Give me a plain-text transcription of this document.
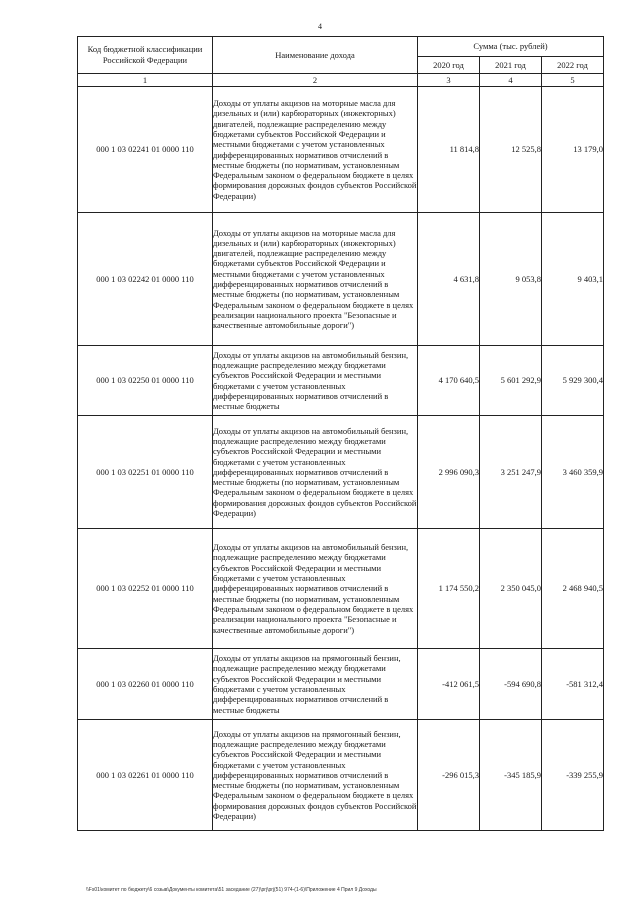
4
Код бюджетной классификации Российской Федерации	Наименование дохода	Сумма (тыс. рублей)		
		2020 год	2021 год	2022 год
1	2	3	4	5
000 1 03 02241 01 0000 110	Доходы от уплаты акцизов на моторные масла для дизельных и (или) карбюраторных (инжекторных) двигателей, подлежащие распределению между бюджетами субъектов Российской Федерации и местными бюджетами с учетом установленных дифференцированных нормативов отчислений в местные бюджеты (по нормативам, установленным Федеральным законом о федеральном бюджете в целях формирования дорожных фондов субъектов Российской Федерации)	11 814,8	12 525,8	13 179,0
000 1 03 02242 01 0000 110	Доходы от уплаты акцизов на моторные масла для дизельных и (или) карбюраторных (инжекторных) двигателей, подлежащие распределению между бюджетами субъектов Российской Федерации и местными бюджетами с учетом установленных дифференцированных нормативов отчислений в местные бюджеты (по нормативам, установленным Федеральным законом о федеральном бюджете в целях реализации национального проекта "Безопасные и качественные автомобильные дороги")	4 631,8	9 053,8	9 403,1
000 1 03 02250 01 0000 110	Доходы от уплаты акцизов на автомобильный бензин, подлежащие распределению между бюджетами субъектов Российской Федерации и местными бюджетами с учетом установленных дифференцированных нормативов отчислений в местные бюджеты	4 170 640,5	5 601 292,9	5 929 300,4
000 1 03 02251 01 0000 110	Доходы от уплаты акцизов на автомобильный бензин, подлежащие распределению между бюджетами субъектов Российской Федерации и местными бюджетами с учетом установленных дифференцированных нормативов отчислений в местные бюджеты (по нормативам, установленным Федеральным законом о федеральном бюджете в целях формирования дорожных фондов субъектов Российской Федерации)	2 996 090,3	3 251 247,9	3 460 359,9
000 1 03 02252 01 0000 110	Доходы от уплаты акцизов на автомобильный бензин, подлежащие распределению между бюджетами субъектов Российской Федерации и местными бюджетами с учетом установленных дифференцированных нормативов отчислений в местные бюджеты (по нормативам, установленным Федеральным законом о федеральном бюджете в целях реализации национального проекта "Безопасные и качественные автомобильные дороги")	1 174 550,2	2 350 045,0	2 468 940,5
000 1 03 02260 01 0000 110	Доходы от уплаты акцизов на прямогонный бензин, подлежащие распределению между бюджетами субъектов Российской Федерации и местными бюджетами с учетом установленных дифференцированных нормативов отчислений в местные бюджеты	-412 061,5	-594 690,8	-581 312,4
000 1 03 02261 01 0000 110	Доходы от уплаты акцизов на прямогонный бензин, подлежащие распределению между бюджетами субъектов Российской Федерации и местными бюджетами с учетом установленных дифференцированных нормативов отчислений в местные бюджеты (по нормативам, установленным Федеральным законом о федеральном бюджете в целях формирования дорожных фондов субъектов Российской Федерации)	-296 015,3	-345 185,9	-339 255,9
\\Fs01\комитет по бюджету\6 созыв\Документы комитета\51 заседание (27)\prj\prj(51) 974-(1-6)\Приложение 4 Прил 9 Доходы
